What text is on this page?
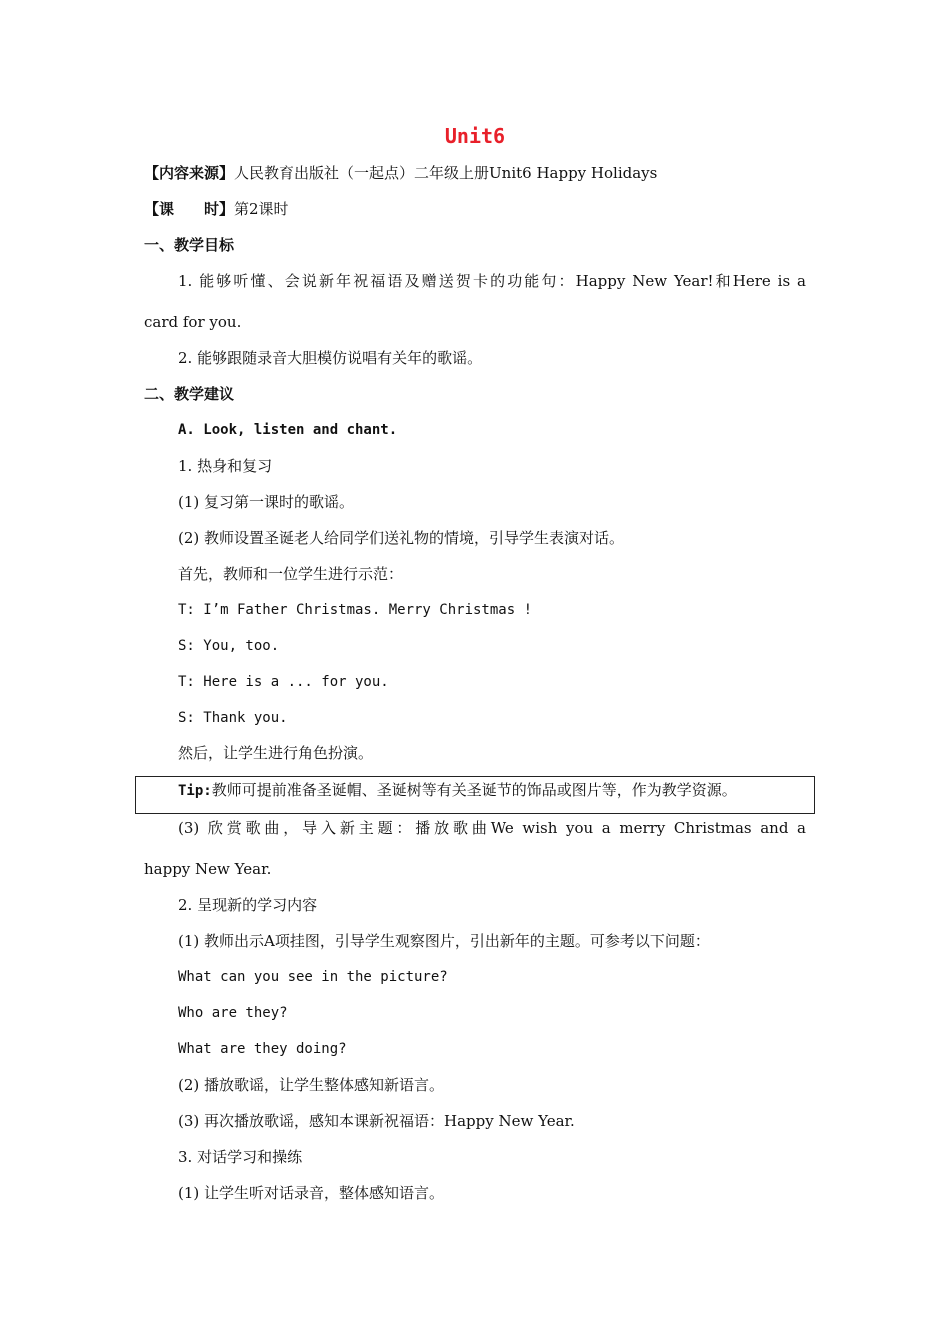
Unit6
【内容来源】人民教育出版社（一起点）二年级上册Unit6 Happy Holidays
【课　　时】第2课时
一、教学目标
1. 能够听懂、会说新年祝福语及赠送贺卡的功能句：Happy New Year!和Here is a
card for you.
2. 能够跟随录音大胆模仿说唱有关年的歌谣。
二、教学建议
A. Look, listen and chant.
1. 热身和复习
(1) 复习第一课时的歌谣。
(2) 教师设置圣诞老人给同学们送礼物的情境，引导学生表演对话。
首先，教师和一位学生进行示范：
T: I’m Father Christmas. Merry Christmas !
S: You, too.
T: Here is a ... for you.
S: Thank you.
然后，让学生进行角色扮演。
Tip:教师可提前准备圣诞帽、圣诞树等有关圣诞节的饰品或图片等，作为教学资源。
(3) 欣赏歌曲，导入新主题：播放歌曲We wish you a merry Christmas and a
happy New Year.
2. 呈现新的学习内容
(1) 教师出示A项挂图，引导学生观察图片，引出新年的主题。可参考以下问题：
What can you see in the picture?
Who are they?
What are they doing?
(2) 播放歌谣，让学生整体感知新语言。
(3) 再次播放歌谣，感知本课新祝福语：Happy New Year.
3. 对话学习和操练
(1) 让学生听对话录音，整体感知语言。
